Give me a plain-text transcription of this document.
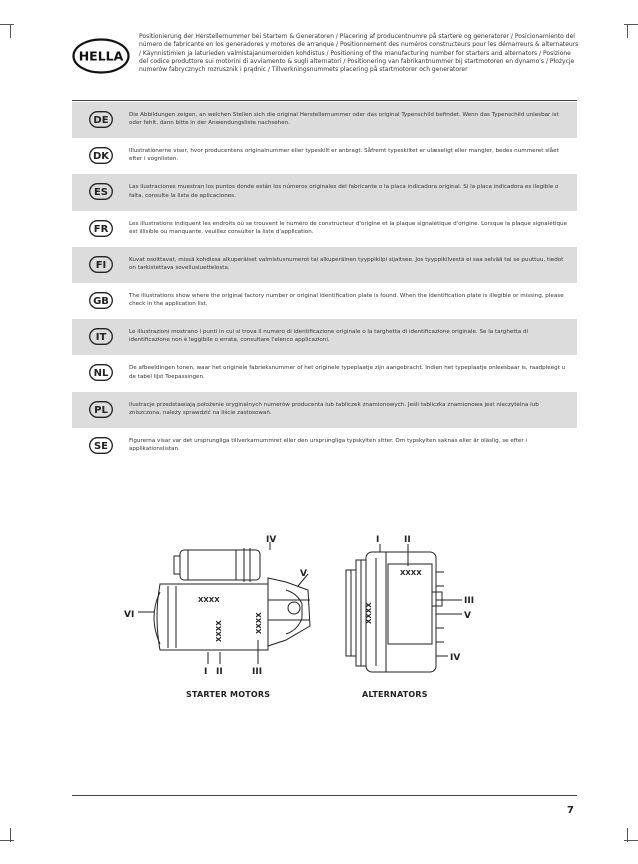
HELLA
Positionierung der Herstellernummer bei Startern & Generatoren / Placering af producentnumre på startere og generatorer / Posicionamiento del número de fabricante en los generadores y motores de arranque / Positionnement des numéros constructeurs pour les démarreurs & alternateurs / Käynnistimien ja laturieden valmistajanumeroiden kohdistus / Positioning of the manufacturing number for starters and alternators / Posizione del codice produttore sui motorini di avviamento & sugli alternatori / Positionering van fabrikantnummer bij startmotoren en dynamo's / Płożycje numerów fabrycznych rozrusznik i prądnic / Tillverkningsnummets placering på startmotorer och generatorer
DE
Die Abbildungen zeigen, an welchen Stellen sich die original Herstellernummer oder das original Typenschild befindet. Wenn das Typenschild unlesbar ist oder fehlt, dann bitte in der Anwendungsliste nachsehen.
DK
Illustrationerne viser, hvor producentens originalnummer eller typeskilt er anbragt. Såfremt typeskiltet er ulæseligt eller mangler, bedes nummeret slået efter i vognlisten.
ES
Las ilustraciones muestran los puntos donde están los números originales del fabricante o la placa indicadora original. Si la placa indicadora es ilegible o falta, consulte la lista de aplicaciones.
FR
Les illustrations indiquent les endroits où se trouvent le numéro de constructeur d'origine et la plaque signalétique d'origine. Lorsque la plaque signalétique est illisible ou manquante, veuillez consulter la liste d'application.
FI
Kuvat osoittavat, missä kohdissa alkuperäiset valmistusnumerot tai alkuperäinen tyyppikilpi sijaitsee. Jos tyyppikilvestä ei saa selvää tai se puuttuu, tiedot on tarkistettava sovellusluettelosta.
GB
The illustrations show where the original factory number or original identification plate is found. When the identification plate is illegible or missing, please check in the application list.
IT
Le illustrazioni mostrano i punti in cui si trova il numero di identificazione originale o la targhetta di identificazione originale. Se la targhetta di identificazione non è leggibile o errata, consultare l'elenco applicazioni.
NL
De afbeeldingen tonen, waar het originele fabrieksnummer of het originele typeplaatje zijn aangebracht. Indien het typeplaatje onleesbaar is, raadpleegt u de tabel lijst Toepassingen.
PL
Ilustracje przedstawiają położenie oryginalnych numerów producenta lub tabliczek znamionowych. Jeśli tabliczka znamionowa jest nieczytelna lub zniszczona, należy sprawdzić na liście zastosowań.
SE
Figurerna visar var det ursprungliga tillverkarnummret eller den ursprungliga typskylten sitter. Om typskylten saknas eller är oläslig, se efter i applikationslistan.
XXXX
XXXX	XXXX
IV
V
VI
I II	III
XXXX
XXXX
I	II
III
V
IV
STARTER MOTORS	ALTERNATORS
7
